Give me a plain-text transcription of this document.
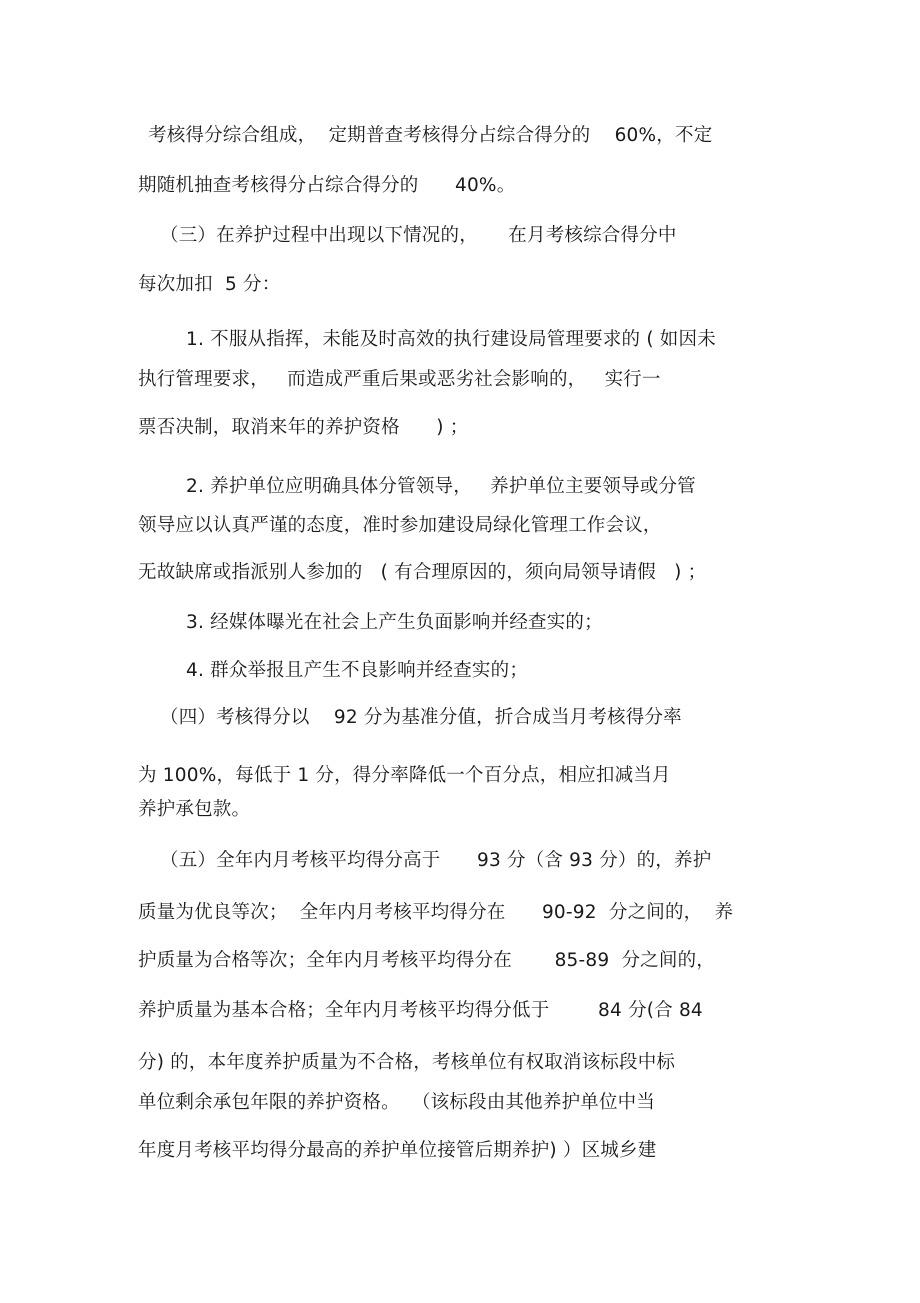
考核得分综合组成，  定期普查考核得分占综合得分的    60%，不定
期随机抽查考核得分占综合得分的      40%。
（三）在养护过程中出现以下情况的，     在月考核综合得分中
每次加扣  5 分：
1. 不服从指挥，未能及时高效的执行建设局管理要求的 ( 如因未
执行管理要求，   而造成严重后果或恶劣社会影响的，   实行一
票否决制，取消来年的养护资格      ) ；
2. 养护单位应明确具体分管领导，   养护单位主要领导或分管
领导应以认真严谨的态度，准时参加建设局绿化管理工作会议，
无故缺席或指派别人参加的   ( 有合理原因的，须向局领导请假   ) ；
3. 经媒体曝光在社会上产生负面影响并经查实的；
4. 群众举报且产生不良影响并经查实的；
（四）考核得分以    92 分为基准分值，折合成当月考核得分率
为 100%，每低于 1 分，得分率降低一个百分点，相应扣减当月
养护承包款。
（五）全年内月考核平均得分高于      93 分（含 93 分）的，养护
质量为优良等次；  全年内月考核平均得分在      90-92  分之间的，  养
护质量为合格等次；全年内月考核平均得分在       85-89  分之间的，
养护质量为基本合格；全年内月考核平均得分低于        84 分(合 84
分) 的，本年度养护质量为不合格，考核单位有权取消该标段中标
单位剩余承包年限的养护资格。  （该标段由其他养护单位中当
年度月考核平均得分最高的养护单位接管后期养护) ）区城乡建
